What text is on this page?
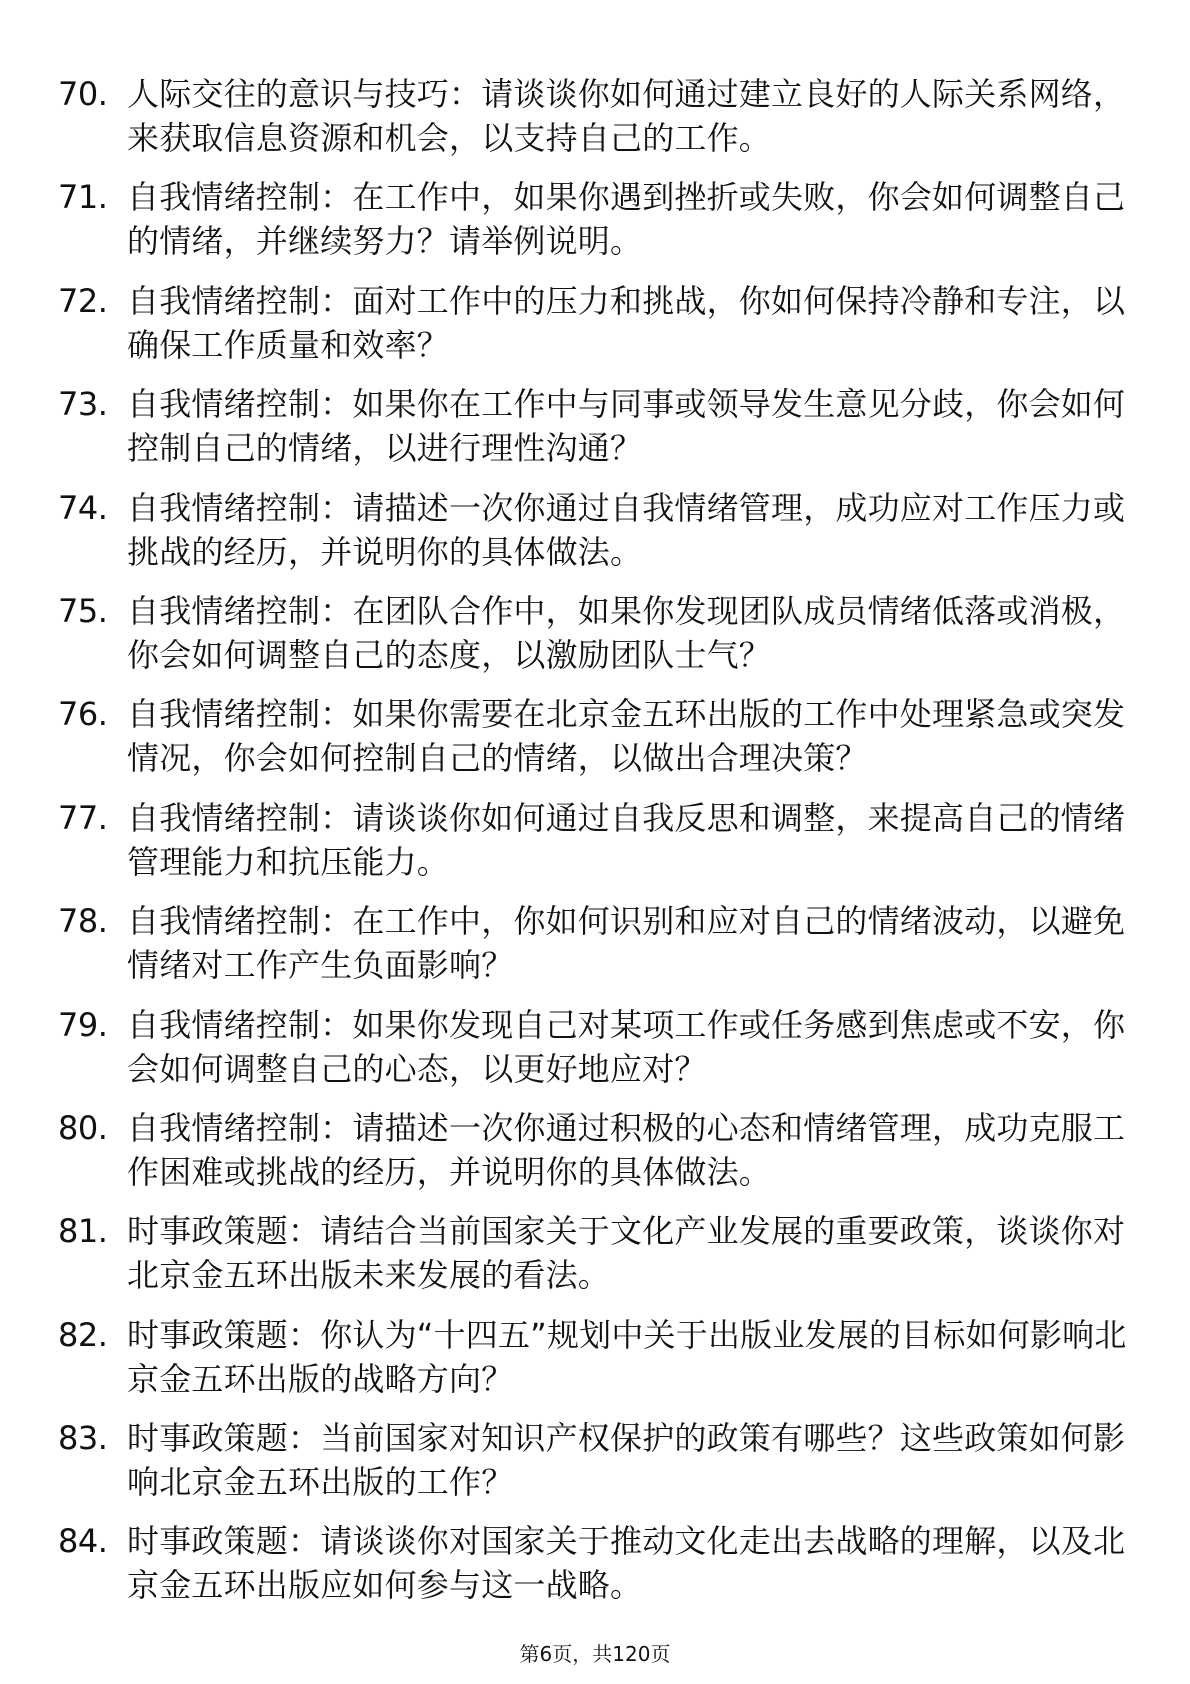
70. 人际交往的意识与技巧：请谈谈你如何通过建立良好的人际关系网络，来获取信息资源和机会，以支持自己的工作。
71. 自我情绪控制：在工作中，如果你遇到挫折或失败，你会如何调整自己的情绪，并继续努力？请举例说明。
72. 自我情绪控制：面对工作中的压力和挑战，你如何保持冷静和专注，以确保工作质量和效率？
73. 自我情绪控制：如果你在工作中与同事或领导发生意见分歧，你会如何控制自己的情绪，以进行理性沟通？
74. 自我情绪控制：请描述一次你通过自我情绪管理，成功应对工作压力或挑战的经历，并说明你的具体做法。
75. 自我情绪控制：在团队合作中，如果你发现团队成员情绪低落或消极，你会如何调整自己的态度，以激励团队士气？
76. 自我情绪控制：如果你需要在北京金五环出版的工作中处理紧急或突发情况，你会如何控制自己的情绪，以做出合理决策？
77. 自我情绪控制：请谈谈你如何通过自我反思和调整，来提高自己的情绪管理能力和抗压能力。
78. 自我情绪控制：在工作中，你如何识别和应对自己的情绪波动，以避免情绪对工作产生负面影响？
79. 自我情绪控制：如果你发现自己对某项工作或任务感到焦虑或不安，你会如何调整自己的心态，以更好地应对？
80. 自我情绪控制：请描述一次你通过积极的心态和情绪管理，成功克服工作困难或挑战的经历，并说明你的具体做法。
81. 时事政策题：请结合当前国家关于文化产业发展的重要政策，谈谈你对北京金五环出版未来发展的看法。
82. 时事政策题：你认为“十四五”规划中关于出版业发展的目标如何影响北京金五环出版的战略方向？
83. 时事政策题：当前国家对知识产权保护的政策有哪些？这些政策如何影响北京金五环出版的工作？
84. 时事政策题：请谈谈你对国家关于推动文化走出去战略的理解，以及北京金五环出版应如何参与这一战略。
第6页，共120页
